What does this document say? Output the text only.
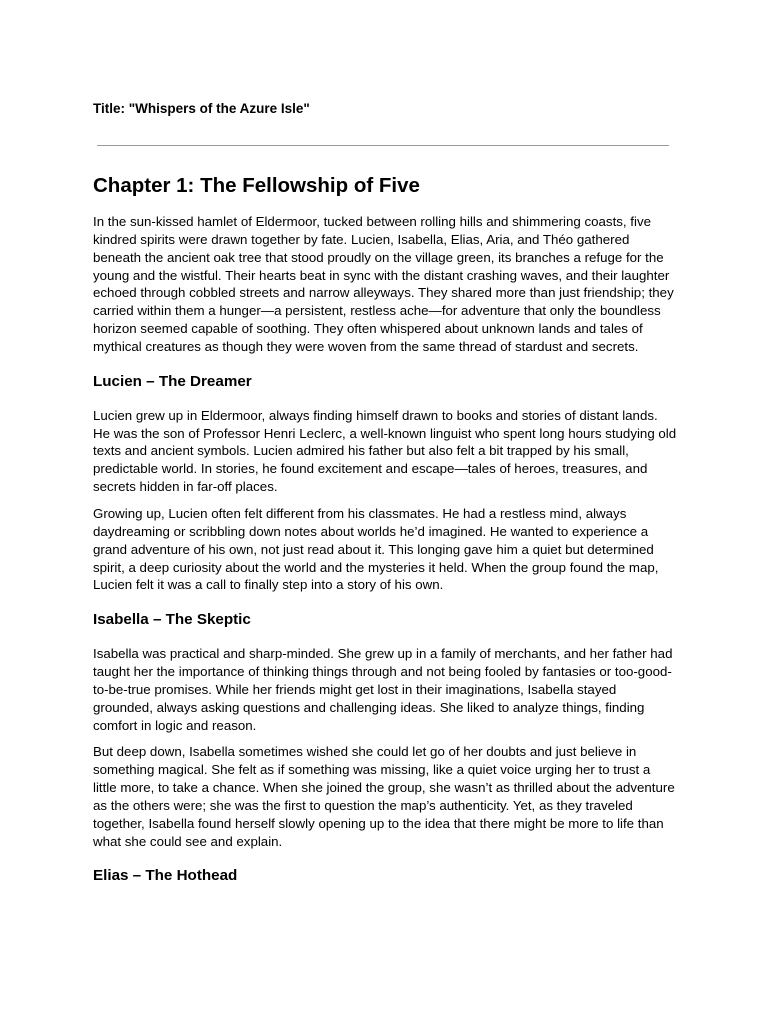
Title: "Whispers of the Azure Isle"
Chapter 1: The Fellowship of Five

In the sun-kissed hamlet of Eldermoor, tucked between rolling hills and shimmering coasts, five kindred spirits were drawn together by fate. Lucien, Isabella, Elias, Aria, and Théo gathered beneath the ancient oak tree that stood proudly on the village green, its branches a refuge for the young and the wistful. Their hearts beat in sync with the distant crashing waves, and their laughter echoed through cobbled streets and narrow alleyways. They shared more than just friendship; they carried within them a hunger—a persistent, restless ache—for adventure that only the boundless horizon seemed capable of soothing. They often whispered about unknown lands and tales of mythical creatures as though they were woven from the same thread of stardust and secrets.

Lucien – The Dreamer

Lucien grew up in Eldermoor, always finding himself drawn to books and stories of distant lands. He was the son of Professor Henri Leclerc, a well-known linguist who spent long hours studying old texts and ancient symbols. Lucien admired his father but also felt a bit trapped by his small, predictable world. In stories, he found excitement and escape—tales of heroes, treasures, and secrets hidden in far-off places.

Growing up, Lucien often felt different from his classmates. He had a restless mind, always daydreaming or scribbling down notes about worlds he’d imagined. He wanted to experience a grand adventure of his own, not just read about it. This longing gave him a quiet but determined spirit, a deep curiosity about the world and the mysteries it held. When the group found the map, Lucien felt it was a call to finally step into a story of his own.

Isabella – The Skeptic

Isabella was practical and sharp-minded. She grew up in a family of merchants, and her father had taught her the importance of thinking things through and not being fooled by fantasies or too-good-to-be-true promises. While her friends might get lost in their imaginations, Isabella stayed grounded, always asking questions and challenging ideas. She liked to analyze things, finding comfort in logic and reason.

But deep down, Isabella sometimes wished she could let go of her doubts and just believe in something magical. She felt as if something was missing, like a quiet voice urging her to trust a little more, to take a chance. When she joined the group, she wasn’t as thrilled about the adventure as the others were; she was the first to question the map’s authenticity. Yet, as they traveled together, Isabella found herself slowly opening up to the idea that there might be more to life than what she could see and explain.

Elias – The Hothead
